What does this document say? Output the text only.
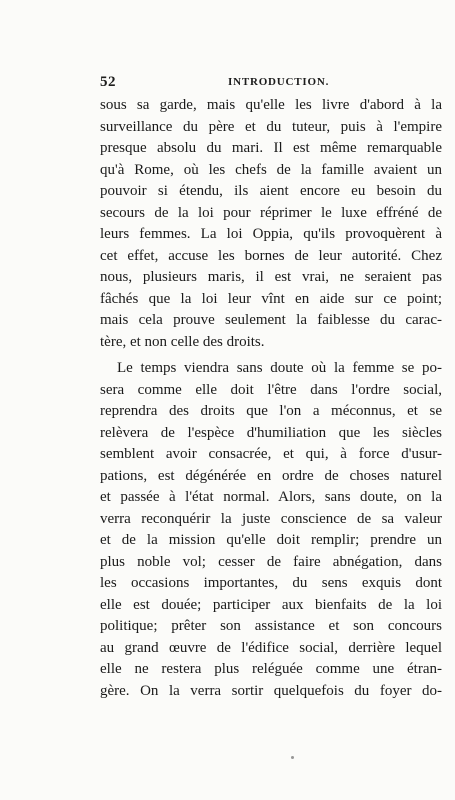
52	INTRODUCTION.
sous sa garde, mais qu'elle les livre d'abord à la
surveillance du père et du tuteur, puis à l'empire
presque absolu du mari. Il est même remarquable
qu'à Rome, où les chefs de la famille avaient un
pouvoir si étendu, ils aient encore eu besoin du
secours de la loi pour réprimer le luxe effréné de
leurs femmes. La loi Oppia, qu'ils provoquèrent à
cet effet, accuse les bornes de leur autorité. Chez
nous, plusieurs maris, il est vrai, ne seraient pas
fâchés que la loi leur vînt en aide sur ce point;
mais cela prouve seulement la faiblesse du carac-
tère, et non celle des droits.
Le temps viendra sans doute où la femme se po-
sera comme elle doit l'être dans l'ordre social,
reprendra des droits que l'on a méconnus, et se
relèvera de l'espèce d'humiliation que les siècles
semblent avoir consacrée, et qui, à force d'usur-
pations, est dégénérée en ordre de choses naturel
et passée à l'état normal. Alors, sans doute, on la
verra reconquérir la juste conscience de sa valeur
et de la mission qu'elle doit remplir; prendre un
plus noble vol; cesser de faire abnégation, dans
les occasions importantes, du sens exquis dont
elle est douée; participer aux bienfaits de la loi
politique; prêter son assistance et son concours
au grand œuvre de l'édifice social, derrière lequel
elle ne restera plus reléguée comme une étran-
gère. On la verra sortir quelquefois du foyer do-
